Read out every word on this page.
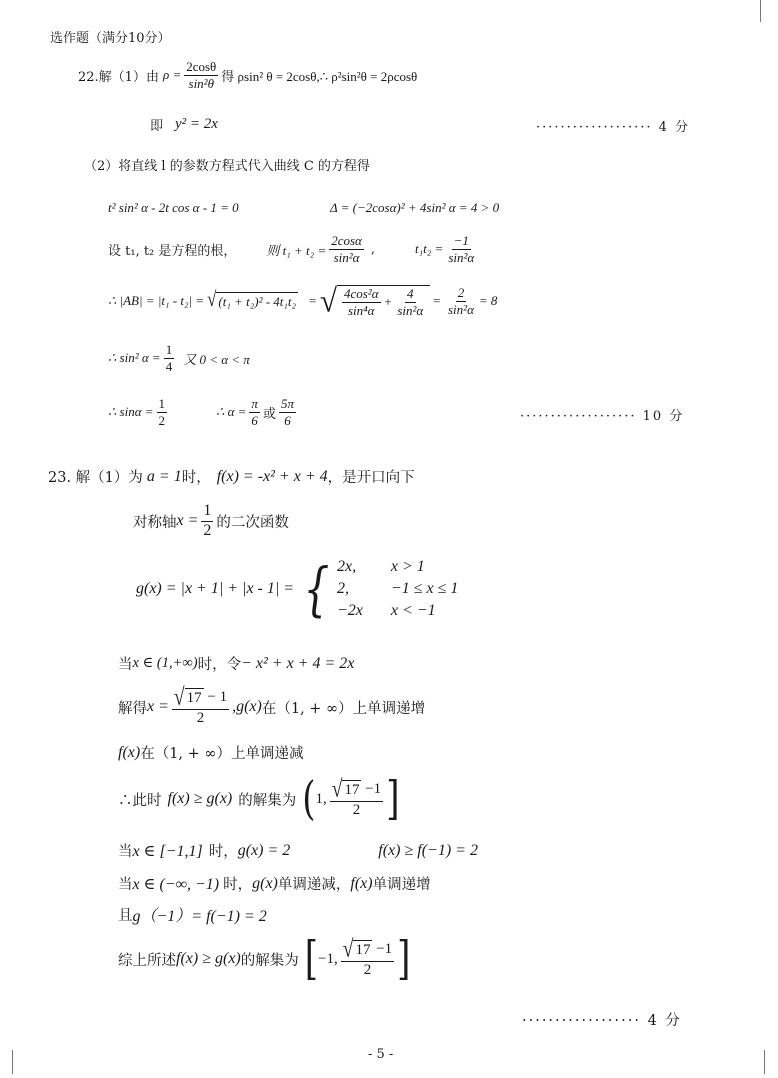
选作题（满分10分）
22.解（1）由 $\rho = \frac{2\cos\theta}{\text{sin²θ}}$ 得 ρsin² θ = 2cosθ,∴ ρ²sin²θ = 2ρcosθ
即 y² = 2x	··················· 4 分
（2）将直线 l 的参数方程式代入曲线 C 的方程得
t² sin² α - 2t cos α - 1 = 0	Δ = (−2cosα)² + 4sin² α = 4 > 0
设 t₁, t₂ 是方程的根， 则 $t_1 + t_2 = \frac{2\cos\alpha}{\text{sin²α}}$ ,	$t_1t_2 = \frac{-1}{\text{sin²α}}$
∴ |AB| = |t₁ - t₂| = √ (t₁ + t₂)² - 4t₁t₂ = √ $\frac{\text{4cos²α}}{\text{sin⁴α}} + \frac{4}{\text{sin²α}} = \frac{2}{\text{sin²α}} = 8$
∴ sin² $\alpha = \frac{1}{4}$ 又 0 < α < π
∴ $\sin\alpha = \frac{1}{2}$	∴ $\alpha = \frac{\pi}{6}$ 或 $\frac{5\pi}{6}$	··················· 10 分
23. 解（1）为 a = 1 时， f(x) = -x² + x + 4 ，是开口向下
对称轴 $x = \frac{1}{2}$ 的二次函数
g(x) = |x + 1| + |x - 1| = { 2x,	x > 1
2,	−1 ≤ x ≤ 1
−2x x < −1
当 x ∈ (1,+∞) 时，令 − x² + x + 4 = 2x
解得 $x = \frac{√ 17 - 1}{2} ,g(x)$ 在（1, + ∞）上单调递增
f(x) 在（1, + ∞）上单调递减
∴此时 f(x) ≥ g(x) 的解集为 ( 1, $\frac{√ 17 -1}{2}$ ]
当 x ∈ [−1,1] 时， g(x) = 2	f(x) ≥ f(−1) = 2
当 x ∈ (−∞, −1) 时， g(x) 单调递减， f(x) 单调递增
且 g（−1）= f(−1) = 2
综上所述 f(x) ≥ g(x) 的解集为 [ −1, $\frac{√ 17 -1}{2}$ ]
·················· 4 分
- 5 -
